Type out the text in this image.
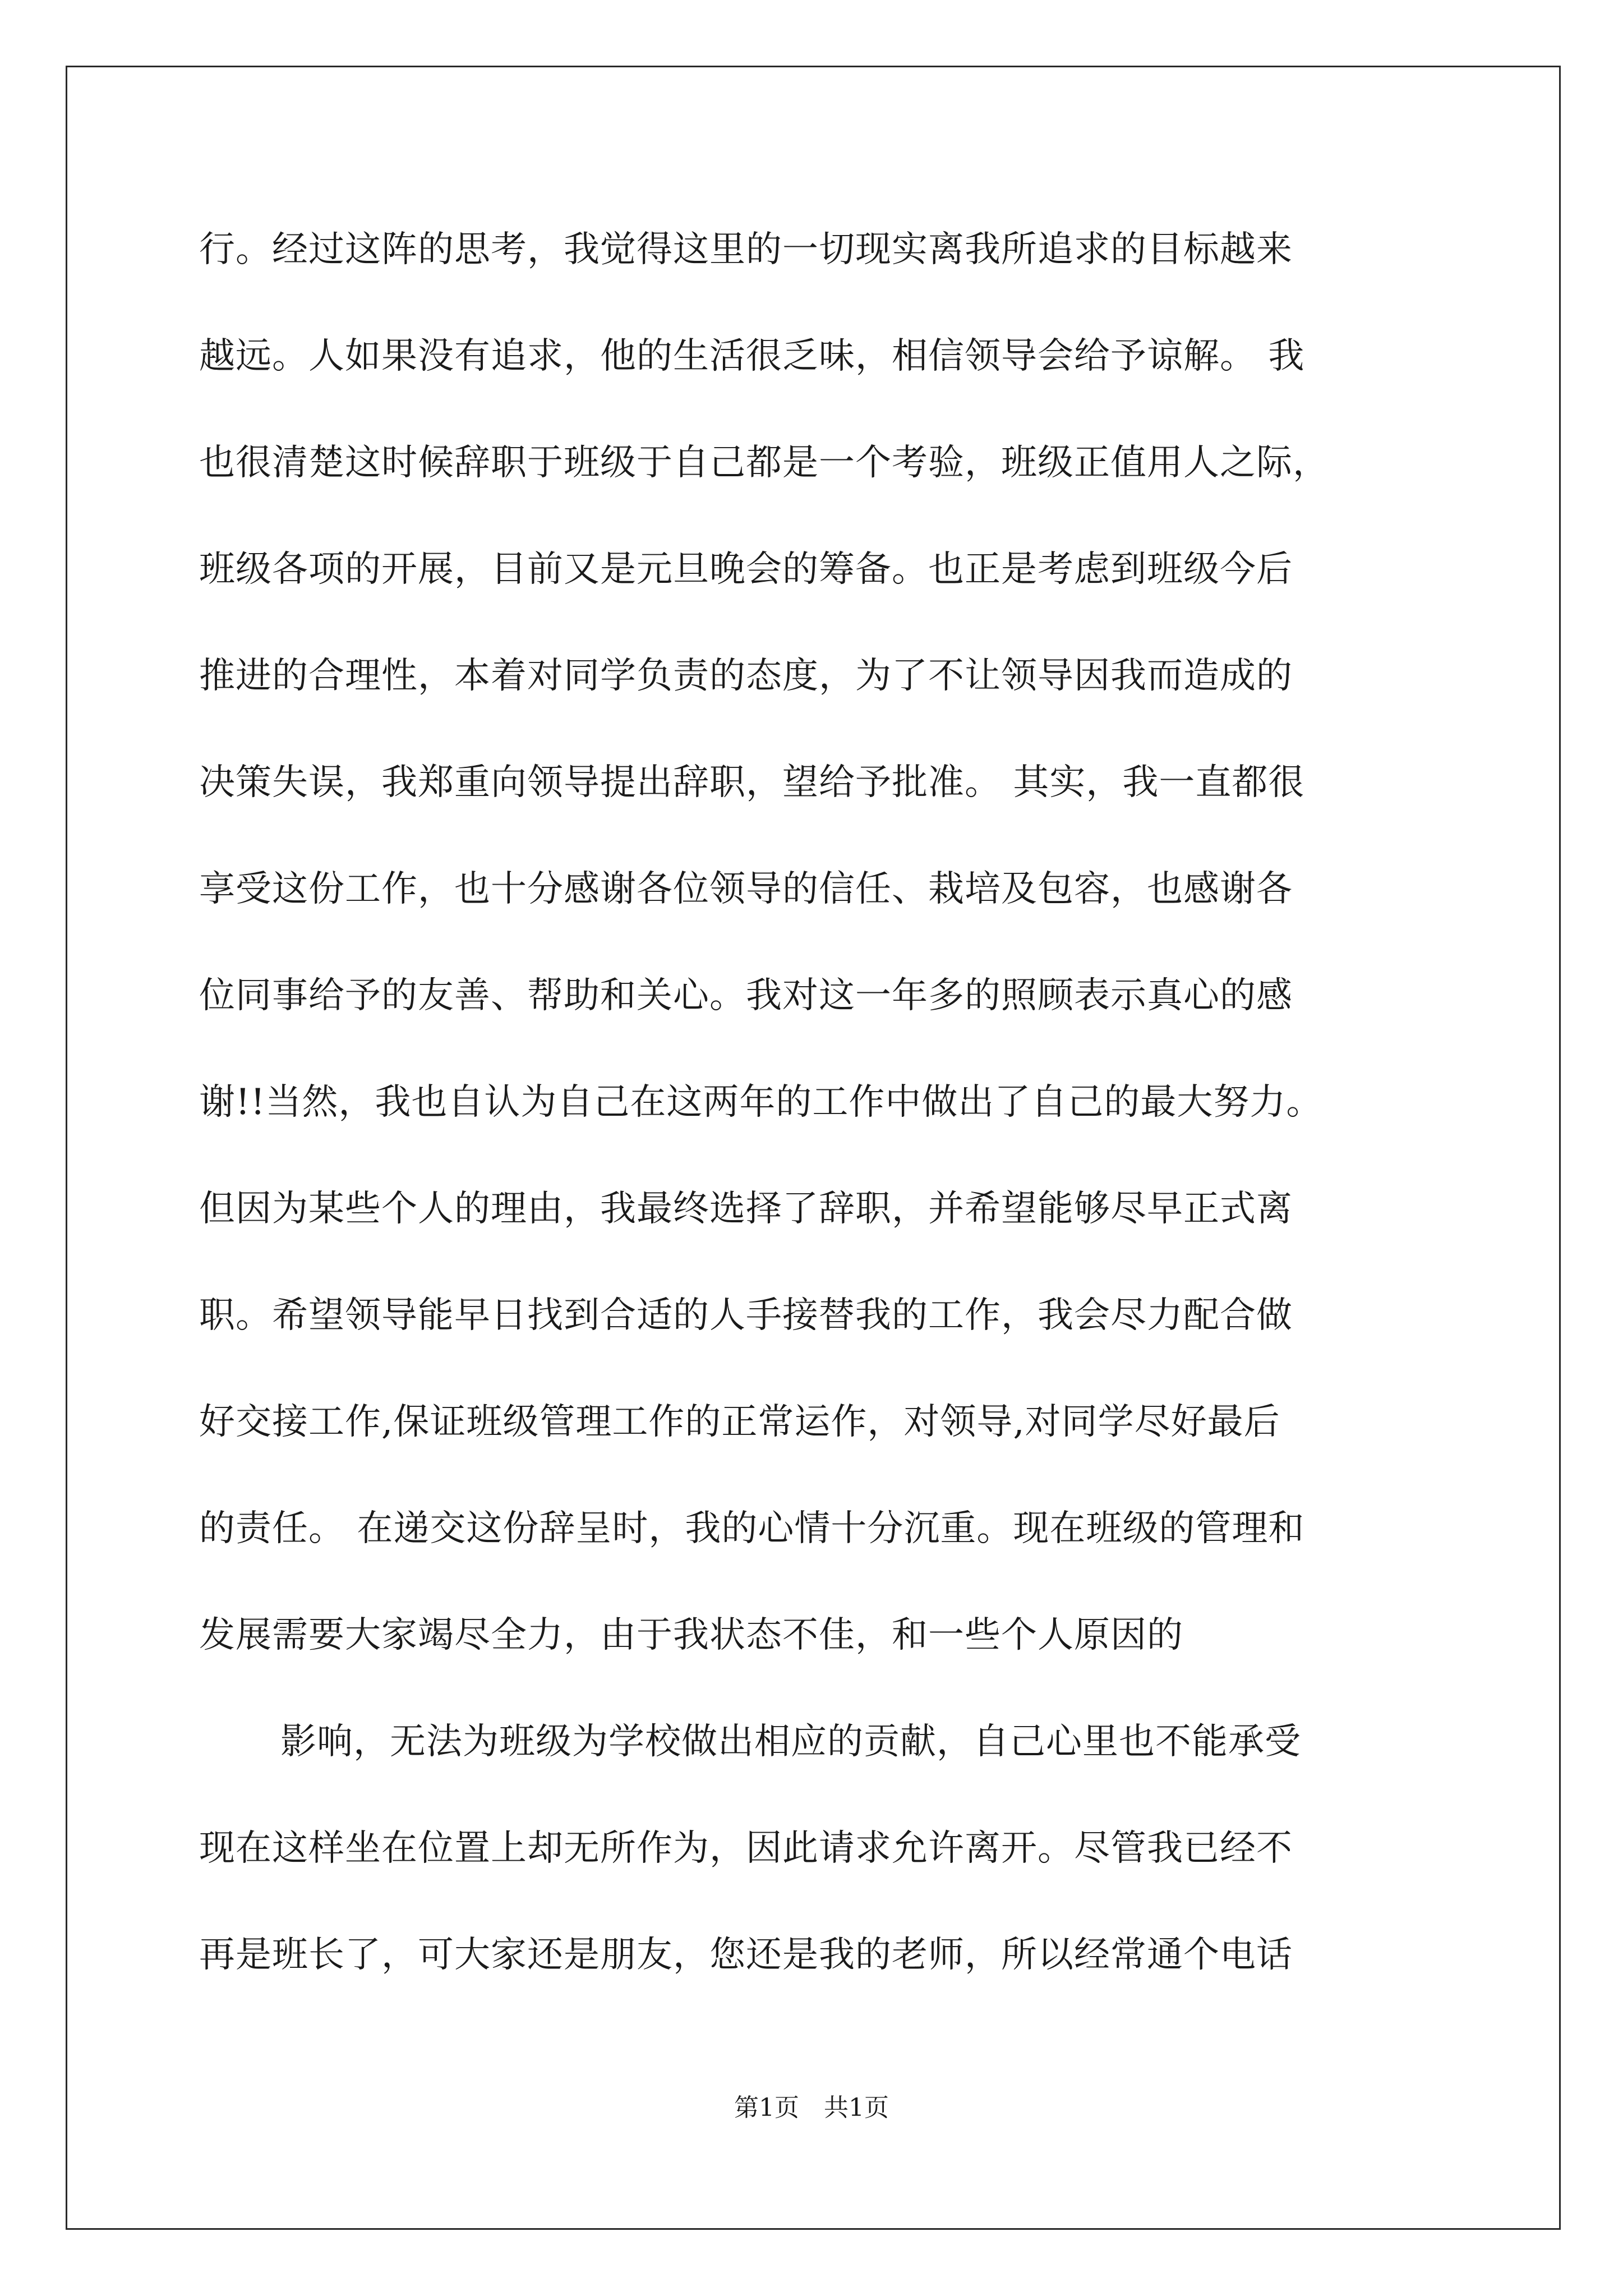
行。经过这阵的思考，我觉得这里的一切现实离我所追求的目标越来
越远。人如果没有追求，他的生活很乏味，相信领导会给予谅解。 我
也很清楚这时候辞职于班级于自己都是一个考验，班级正值用人之际，
班级各项的开展，目前又是元旦晚会的筹备。也正是考虑到班级今后
推进的合理性，本着对同学负责的态度，为了不让领导因我而造成的
决策失误，我郑重向领导提出辞职，望给予批准。 其实，我一直都很
享受这份工作，也十分感谢各位领导的信任、栽培及包容，也感谢各
位同事给予的友善、帮助和关心。我对这一年多的照顾表示真心的感
谢!!当然，我也自认为自己在这两年的工作中做出了自己的最大努力。
但因为某些个人的理由，我最终选择了辞职，并希望能够尽早正式离
职。希望领导能早日找到合适的人手接替我的工作，我会尽力配合做
好交接工作,保证班级管理工作的正常运作，对领导,对同学尽好最后
的责任。 在递交这份辞呈时，我的心情十分沉重。现在班级的管理和
发展需要大家竭尽全力，由于我状态不佳，和一些个人原因的
影响，无法为班级为学校做出相应的贡献，自己心里也不能承受
现在这样坐在位置上却无所作为，因此请求允许离开。尽管我已经不
再是班长了，可大家还是朋友，您还是我的老师，所以经常通个电话
第1页　共1页
